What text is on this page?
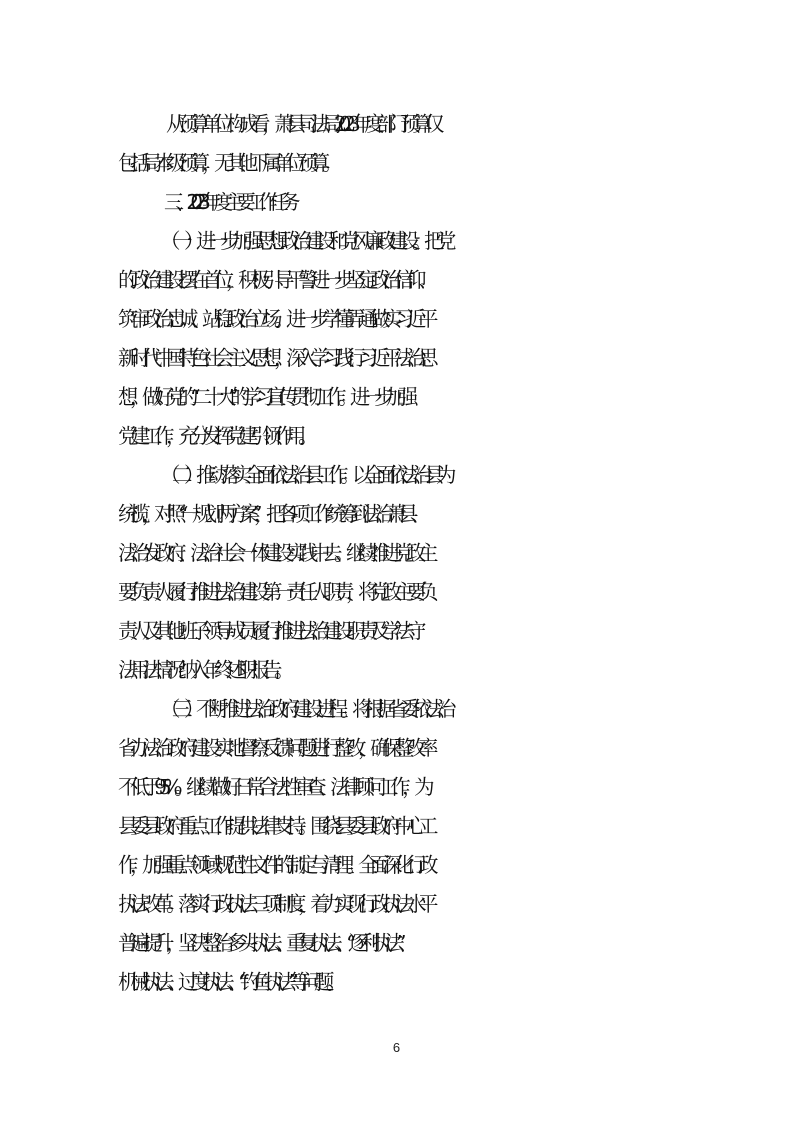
从预算单位构成看，萧县司法局2023年度部门预算仅
包括局本级预算，无其他下属单位预算。
三、2023年度主要工作任务
（一）进一步加强思想政治建设和党风廉政建设。把党
的政治建设摆在首位，积极引导干警进一步坚定政治信仰、
筑牢政治忠诚、站稳政治立场。进一步学懂弄通做实习近平
新时代中国特色社会主义思想，深入学习践行习近平法治思
想，做好党的“二十大”的学习宣传贯彻工作。进一步加强
党建工作，充分发挥党建引领作用。
（二）推动落实全面依法治县工作。以全面依法治县为
统揽，对照“一规划两方案”，把各项工作统筹到法治萧县、
法治发政府、法治社会一体建设实践中去。继续推进党政主
要负责人履行推进法治建设第一责任人职责，将党政主要负
责人及其他班子领导成员履行推进法治建设职责及学法守
法用法情况纳入年终述职报告。
（三）不断推进法治政府建设进程。将根据省委依法治
省办法治政府建设实地督察反馈问题进行整改，确保整改率
不低于95%。继续做好日常合法性审查、法律顾问工作，为
县委县政府重点工作提供法律支持。围绕县委县政府中心工
作，加强重点领域规范性文件的制定与清理。全面深化行政
执法改革。落实行政执法三项制度，着力实现行政执法水平
普遍提升，坚决整治多头执法、重复执法、“逐利执法”、
机械执法、过度执法、“钓鱼执法”等问题。
6
